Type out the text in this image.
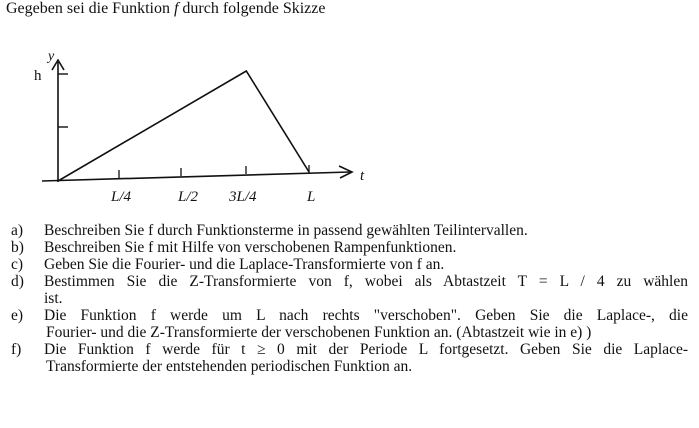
Gegeben sei die Funktion f durch folgende Skizze
y
h
t
L/4	L/2 3L/4	L
a) Beschreiben Sie f durch Funktionsterme in passend gewählten Teilintervallen.
b) Beschreiben Sie f mit Hilfe von verschobenen Rampenfunktionen.
c) Geben Sie die Fourier- und die Laplace-Transformierte von f an.
d) Bestimmen Sie die Z-Transformierte von f, wobei als Abtastzeit T = L / 4 zu wählen
ist.
e) Die Funktion f werde um L nach rechts "verschoben". Geben Sie die Laplace-, die
Fourier- und die Z-Transformierte der verschobenen Funktion an. (Abtastzeit wie in e) )
f) Die Funktion f werde für t ≥ 0 mit der Periode L fortgesetzt. Geben Sie die Laplace-
Transformierte der entstehenden periodischen Funktion an.
